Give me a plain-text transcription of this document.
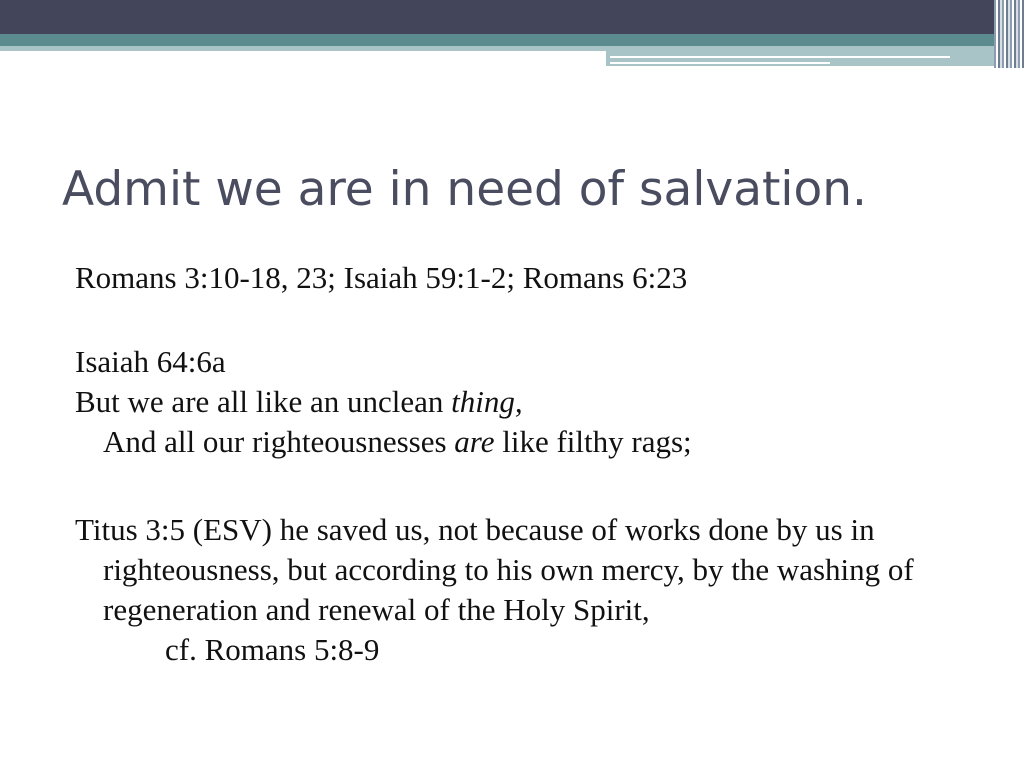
Admit we are in need of salvation.

Romans 3:10-18, 23; Isaiah 59:1-2; Romans 6:23

Isaiah 64:6a

But we are all like an unclean thing,
And all our righteousnesses are like filthy rags;

Titus 3:5 (ESV) he saved us, not because of works done by us in righteousness, but according to his own mercy, by the washing of regeneration and renewal of the Holy Spirit,

cf. Romans 5:8-9
